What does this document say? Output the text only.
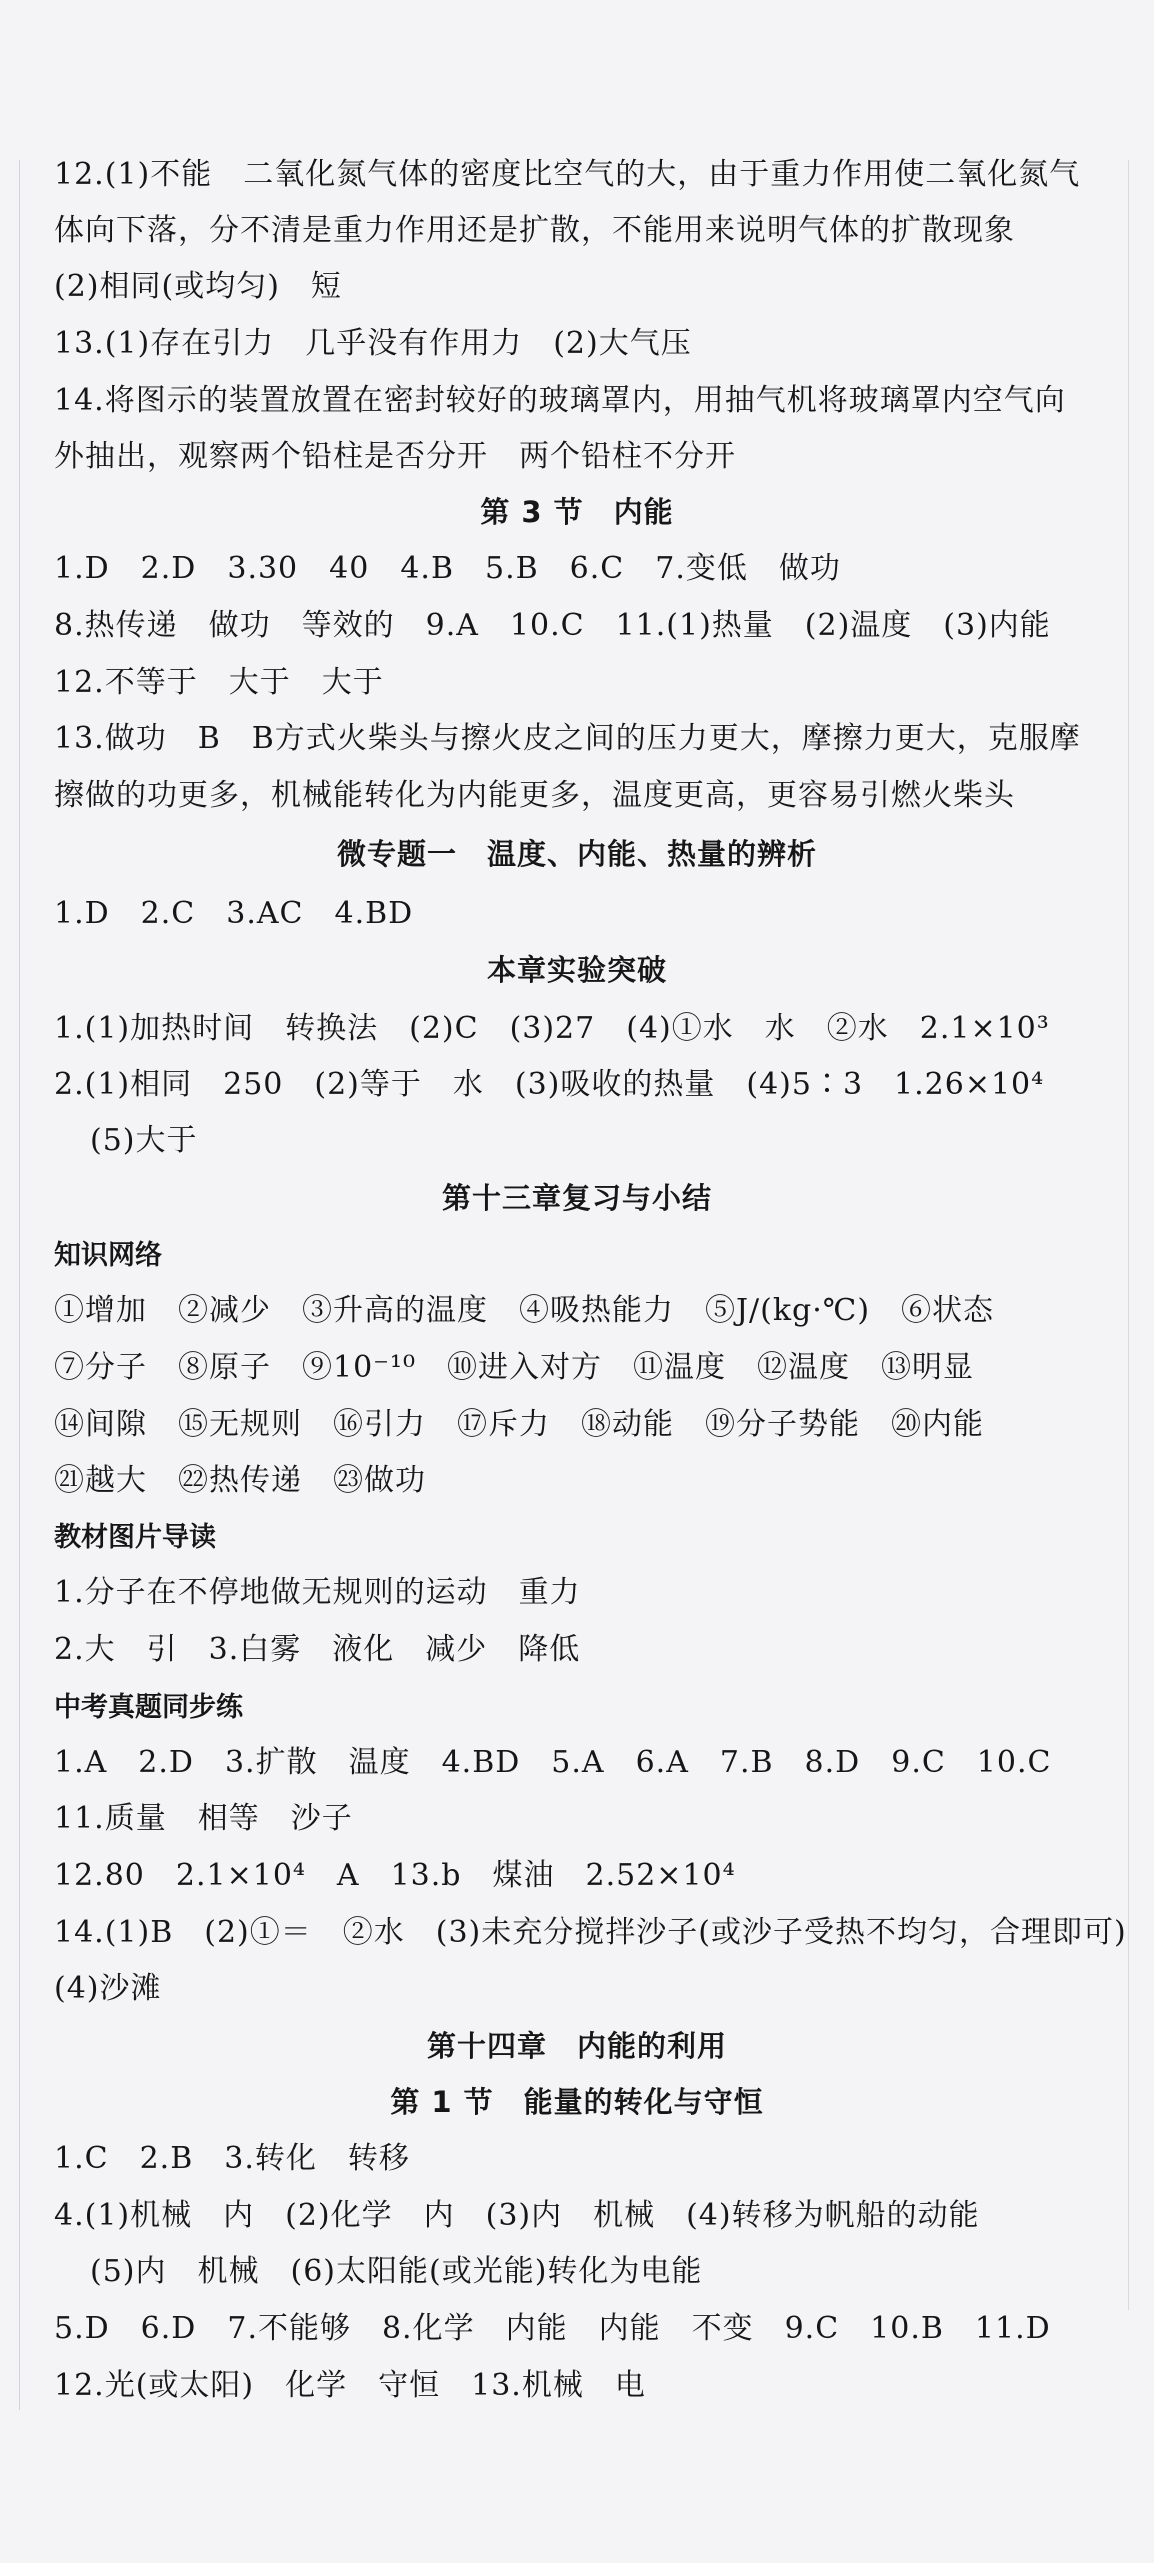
12.(1)不能　二氧化氮气体的密度比空气的大，由于重力作用使二氧化氮气
体向下落，分不清是重力作用还是扩散，不能用来说明气体的扩散现象
(2)相同(或均匀)　短
13.(1)存在引力　几乎没有作用力　(2)大气压
14.将图示的装置放置在密封较好的玻璃罩内，用抽气机将玻璃罩内空气向
外抽出，观察两个铅柱是否分开　两个铅柱不分开
第 3 节　内能
1.D　2.D　3.30　40　4.B　5.B　6.C　7.变低　做功
8.热传递　做功　等效的　9.A　10.C　11.(1)热量　(2)温度　(3)内能
12.不等于　大于　大于
13.做功　B　B方式火柴头与擦火皮之间的压力更大，摩擦力更大，克服摩
擦做的功更多，机械能转化为内能更多，温度更高，更容易引燃火柴头
微专题一　温度、内能、热量的辨析
1.D　2.C　3.AC　4.BD
本章实验突破
1.(1)加热时间　转换法　(2)C　(3)27　(4)①水　水　②水　2.1×10³
2.(1)相同　250　(2)等于　水　(3)吸收的热量　(4)5∶3　1.26×10⁴
(5)大于
第十三章复习与小结
知识网络
①增加　②减少　③升高的温度　④吸热能力　⑤J/(kg·℃)　⑥状态
⑦分子　⑧原子　⑨10⁻¹⁰　⑩进入对方　⑪温度　⑫温度　⑬明显
⑭间隙　⑮无规则　⑯引力　⑰斥力　⑱动能　⑲分子势能　⑳内能
㉑越大　㉒热传递　㉓做功
教材图片导读
1.分子在不停地做无规则的运动　重力
2.大　引　3.白雾　液化　减少　降低
中考真题同步练
1.A　2.D　3.扩散　温度　4.BD　5.A　6.A　7.B　8.D　9.C　10.C
11.质量　相等　沙子
12.80　2.1×10⁴　A　13.b　煤油　2.52×10⁴
14.(1)B　(2)①＝　②水　(3)未充分搅拌沙子(或沙子受热不均匀，合理即可)
(4)沙滩
第十四章　内能的利用
第 1 节　能量的转化与守恒
1.C　2.B　3.转化　转移
4.(1)机械　内　(2)化学　内　(3)内　机械　(4)转移为帆船的动能
(5)内　机械　(6)太阳能(或光能)转化为电能
5.D　6.D　7.不能够　8.化学　内能　内能　不变　9.C　10.B　11.D
12.光(或太阳)　化学　守恒　13.机械　电
